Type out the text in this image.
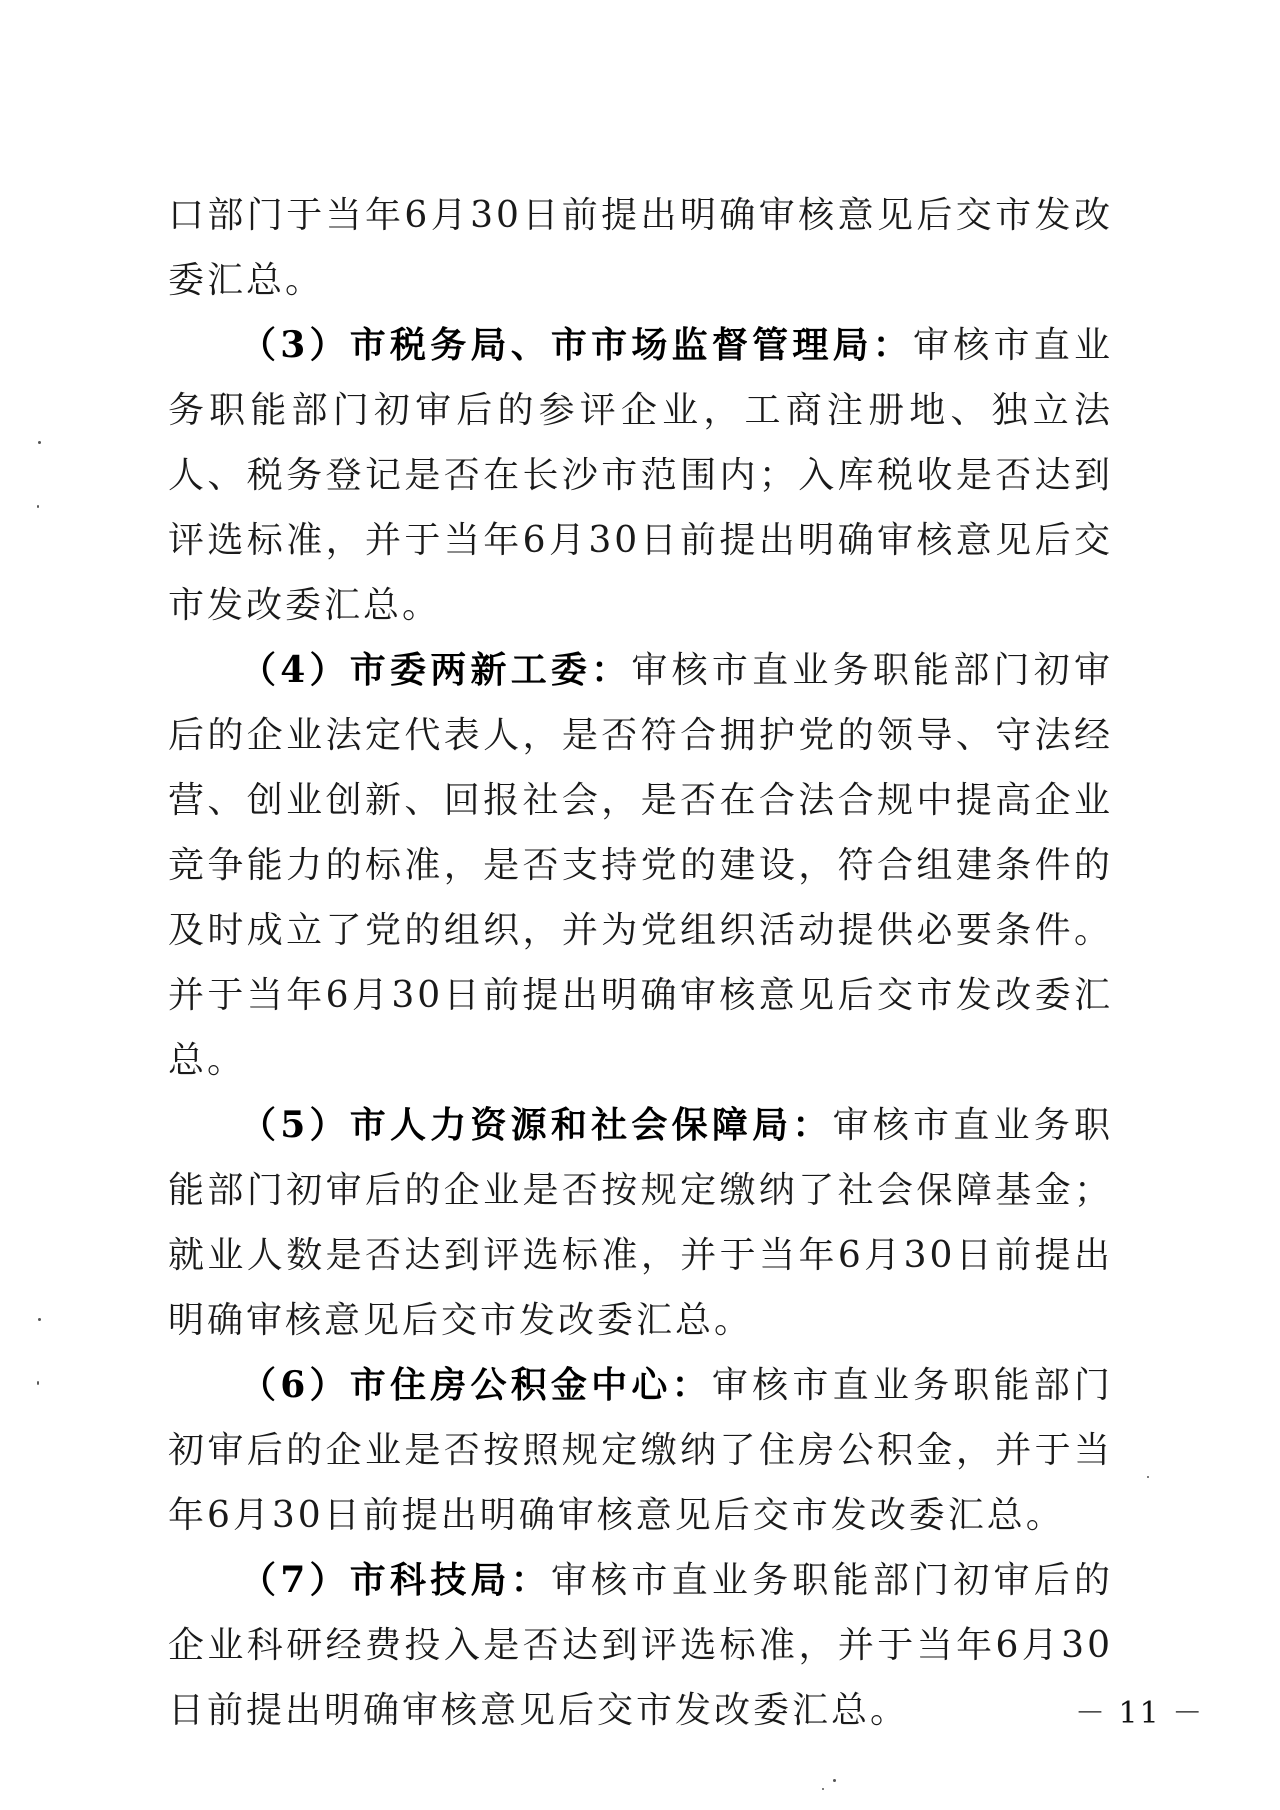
口部门于当年6月30日前提出明确审核意见后交市发改委汇总。

（3）市税务局、市市场监督管理局：审核市直业务职能部门初审后的参评企业，工商注册地、独立法人、税务登记是否在长沙市范围内；入库税收是否达到评选标准，并于当年6月30日前提出明确审核意见后交市发改委汇总。

（4）市委两新工委：审核市直业务职能部门初审后的企业法定代表人，是否符合拥护党的领导、守法经营、创业创新、回报社会，是否在合法合规中提高企业竞争能力的标准，是否支持党的建设，符合组建条件的及时成立了党的组织，并为党组织活动提供必要条件。并于当年6月30日前提出明确审核意见后交市发改委汇总。

（5）市人力资源和社会保障局：审核市直业务职能部门初审后的企业是否按规定缴纳了社会保障基金；就业人数是否达到评选标准，并于当年6月30日前提出明确审核意见后交市发改委汇总。

（6）市住房公积金中心：审核市直业务职能部门初审后的企业是否按照规定缴纳了住房公积金，并于当年6月30日前提出明确审核意见后交市发改委汇总。

（7）市科技局：审核市直业务职能部门初审后的企业科研经费投入是否达到评选标准，并于当年6月30日前提出明确审核意见后交市发改委汇总。	－ 11 －
